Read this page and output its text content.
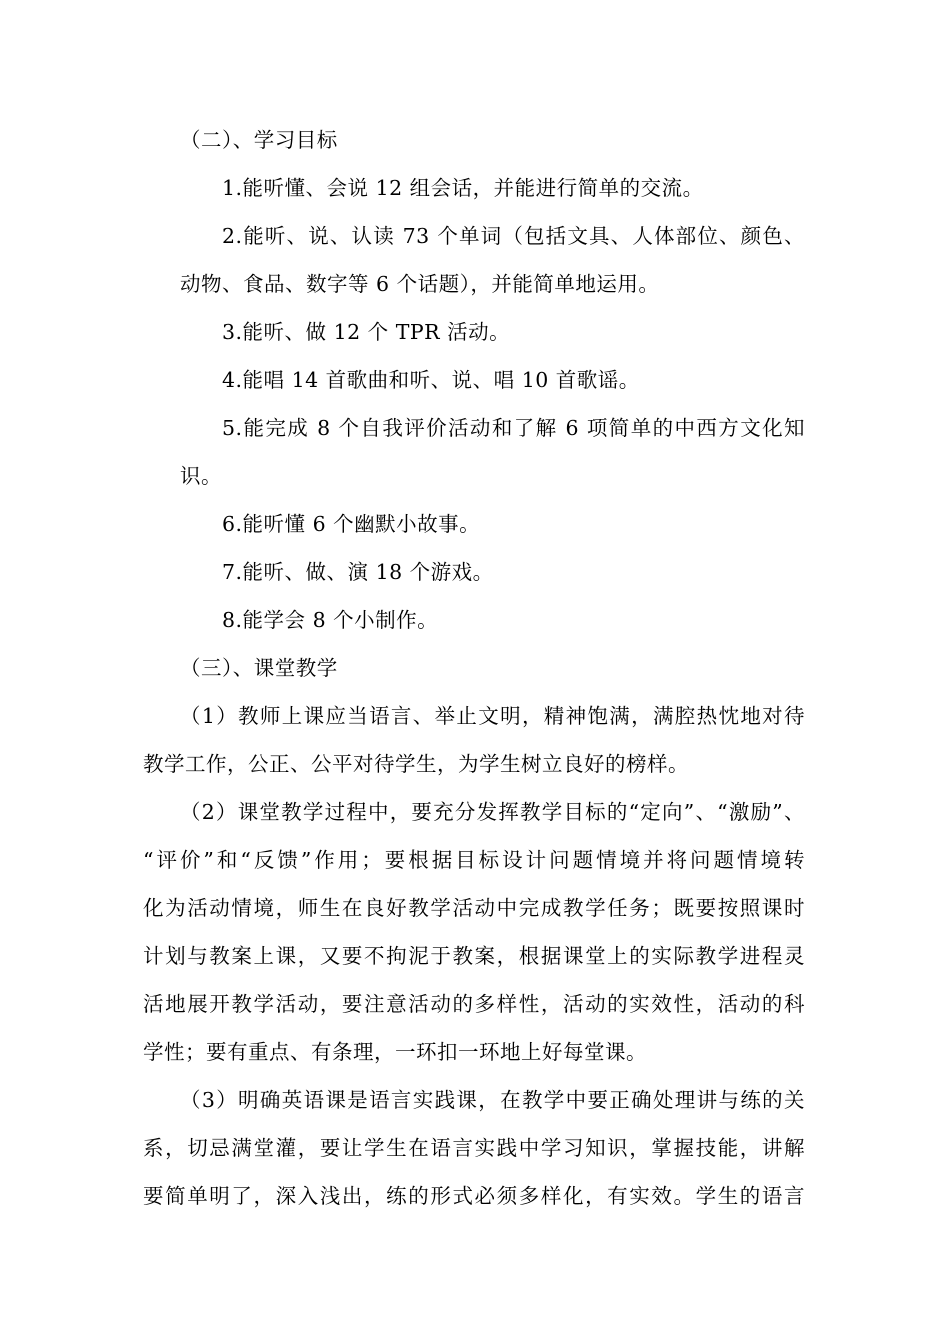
（二）、学习目标
1.能听懂、会说 12 组会话，并能进行简单的交流。
2.能听、说、认读 73 个单词（包括文具、人体部位、颜色、
动物、食品、数字等 6 个话题），并能简单地运用。
3.能听、做 12 个 TPR 活动。
4.能唱 14 首歌曲和听、说、唱 10 首歌谣。
5.能完成 8 个自我评价活动和了解 6 项简单的中西方文化知
识。
6.能听懂 6 个幽默小故事。
7.能听、做、演 18 个游戏。
8.能学会 8 个小制作。
（三）、课堂教学
（1）教师上课应当语言、举止文明，精神饱满，满腔热忱地对待
教学工作，公正、公平对待学生，为学生树立良好的榜样。
（2）课堂教学过程中，要充分发挥教学目标的“定向”、“激励”、
“评价”和“反馈”作用；要根据目标设计问题情境并将问题情境转
化为活动情境，师生在良好教学活动中完成教学任务；既要按照课时
计划与教案上课，又要不拘泥于教案，根据课堂上的实际教学进程灵
活地展开教学活动，要注意活动的多样性，活动的实效性，活动的科
学性；要有重点、有条理，一环扣一环地上好每堂课。
（3）明确英语课是语言实践课，在教学中要正确处理讲与练的关
系，切忌满堂灌，要让学生在语言实践中学习知识，掌握技能，讲解
要简单明了，深入浅出，练的形式必须多样化，有实效。学生的语言
